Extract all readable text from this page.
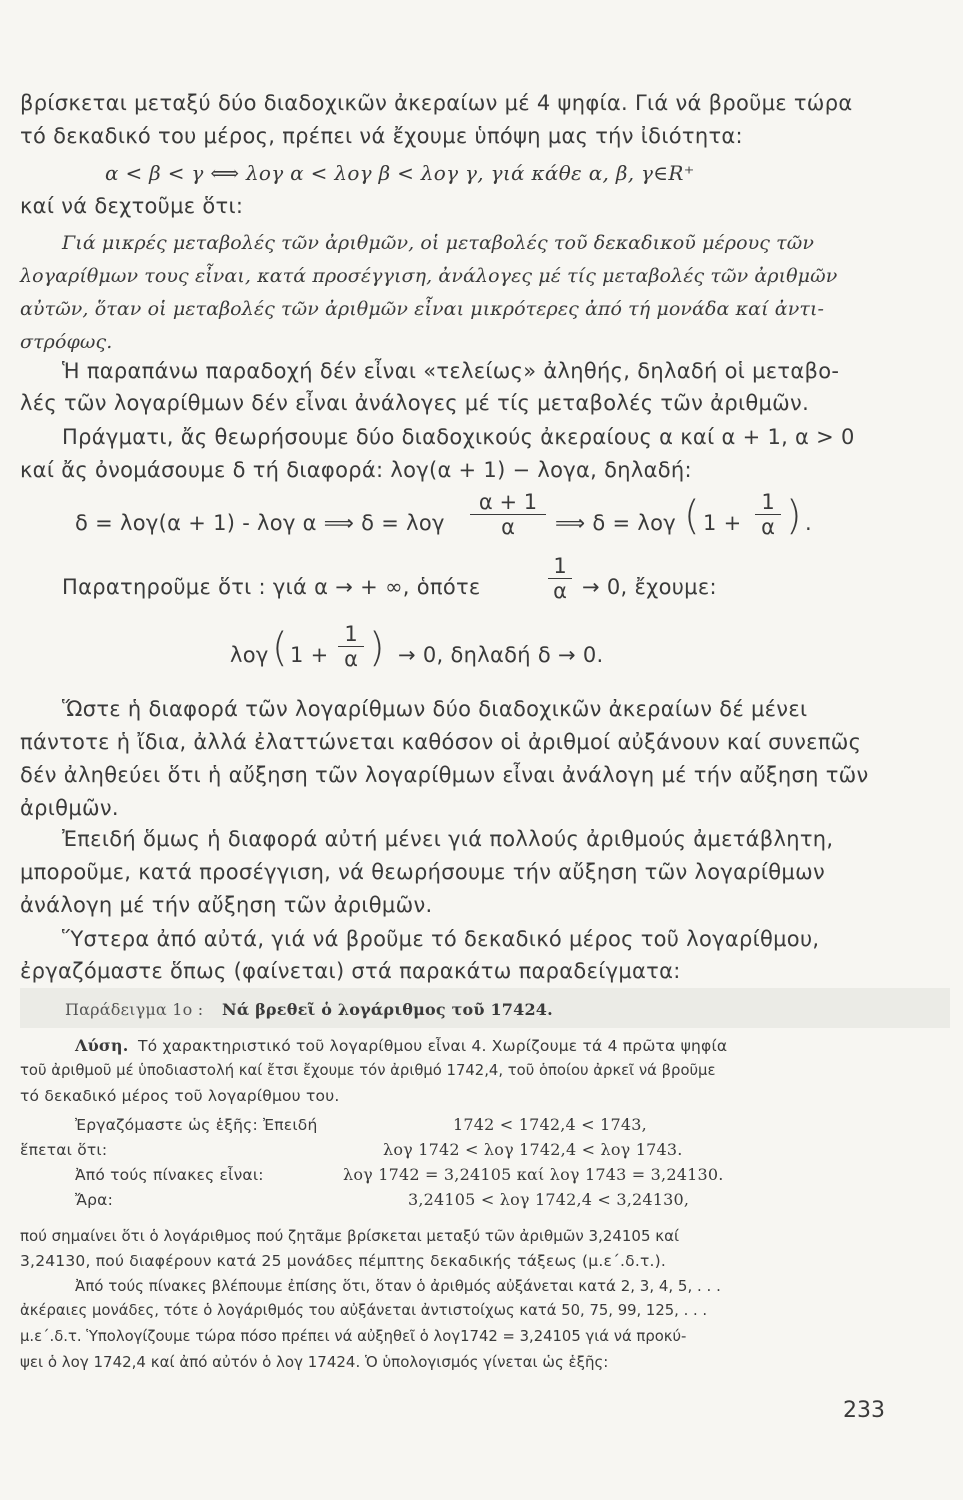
βρίσκεται μεταξύ δύο διαδοχικῶν ἀκεραίων μέ 4 ψηφία. Γιά νά βροῦμε τώρα
τό δεκαδικό του μέρος, πρέπει νά ἔχουμε ὑπόψη μας τήν ἰδιότητα:
α < β < γ ⟺ λογ α < λογ β < λογ γ, γιά κάθε α, β, γ∈R⁺
καί νά δεχτοῦμε ὅτι:
Γιά μικρές μεταβολές τῶν ἀριθμῶν, οἱ μεταβολές τοῦ δεκαδικοῦ μέρους τῶν
λογαρίθμων τους εἶναι, κατά προσέγγιση, ἀνάλογες μέ τίς μεταβολές τῶν ἀριθμῶν
αὐτῶν, ὅταν οἱ μεταβολές τῶν ἀριθμῶν εἶναι μικρότερες ἀπό τή μονάδα καί ἀντι-
στρόφως.
Ἡ παραπάνω παραδοχή δέν εἶναι «τελείως» ἀληθής, δηλαδή οἱ μεταβο-
λές τῶν λογαρίθμων δέν εἶναι ἀνάλογες μέ τίς μεταβολές τῶν ἀριθμῶν.
Πράγματι, ἄς θεωρήσουμε δύο διαδοχικούς ἀκεραίους α καί α + 1, α > 0
καί ἄς ὀνομάσουμε δ τή διαφορά: λογ(α + 1) − λογα, δηλαδή:
δ = λογ(α + 1) - λογ α ⟹ δ = λογ
α + 1
α	⟹ δ = λογ ( 1 +
1
α ) .
Παρατηροῦμε ὅτι : γιά α → + ∞, ὁπότε
1
α → 0, ἔχουμε:
λογ ( 1 +
1
α ) → 0, δηλαδή δ → 0.
Ὥστε ἡ διαφορά τῶν λογαρίθμων δύο διαδοχικῶν ἀκεραίων δέ μένει
πάντοτε ἡ ἴδια, ἀλλά ἐλαττώνεται καθόσον οἱ ἀριθμοί αὐξάνουν καί συνεπῶς
δέν ἀληθεύει ὅτι ἡ αὔξηση τῶν λογαρίθμων εἶναι ἀνάλογη μέ τήν αὔξηση τῶν
ἀριθμῶν.
Ἐπειδή ὅμως ἡ διαφορά αὐτή μένει γιά πολλούς ἀριθμούς ἀμετάβλητη,
μποροῦμε, κατά προσέγγιση, νά θεωρήσουμε τήν αὔξηση τῶν λογαρίθμων
ἀνάλογη μέ τήν αὔξηση τῶν ἀριθμῶν.
Ὕστερα ἀπό αὐτά, γιά νά βροῦμε τό δεκαδικό μέρος τοῦ λογαρίθμου,
ἐργαζόμαστε ὅπως (φαίνεται) στά παρακάτω παραδείγματα:
Παράδειγμα 1ο : Νά βρεθεῖ ὁ λογάριθμος τοῦ 17424.
Λύση. Τό χαρακτηριστικό τοῦ λογαρίθμου εἶναι 4. Χωρίζουμε τά 4 πρῶτα ψηφία
τοῦ ἀριθμοῦ μέ ὑποδιαστολή καί ἔτσι ἔχουμε τόν ἀριθμό 1742,4, τοῦ ὁποίου ἀρκεῖ νά βροῦμε
τό δεκαδικό μέρος τοῦ λογαρίθμου του.
Ἐργαζόμαστε ὡς ἑξῆς: Ἐπειδή	1742 < 1742,4 < 1743,
ἕπεται ὅτι:	λογ 1742 < λογ 1742,4 < λογ 1743.
Ἀπό τούς πίνακες εἶναι:	λογ 1742 = 3,24105 καί λογ 1743 = 3,24130.
Ἄρα:	3,24105 < λογ 1742,4 < 3,24130,
πού σημαίνει ὅτι ὁ λογάριθμος πού ζητᾶμε βρίσκεται μεταξύ τῶν ἀριθμῶν 3,24105 καί
3,24130, πού διαφέρουν κατά 25 μονάδες πέμπτης δεκαδικής τάξεως (μ.ε΄.δ.τ.).
Ἀπό τούς πίνακες βλέπουμε ἐπίσης ὅτι, ὅταν ὁ ἀριθμός αὐξάνεται κατά 2, 3, 4, 5, . . .
ἀκέραιες μονάδες, τότε ὁ λογάριθμός του αὐξάνεται ἀντιστοίχως κατά 50, 75, 99, 125, . . .
μ.ε΄.δ.τ. Ὑπολογίζουμε τώρα πόσο πρέπει νά αὐξηθεῖ ὁ λογ1742 = 3,24105 γιά νά προκύ-
ψει ὁ λογ 1742,4 καί ἀπό αὐτόν ὁ λογ 17424. Ὁ ὑπολογισμός γίνεται ὡς ἑξῆς:
233
